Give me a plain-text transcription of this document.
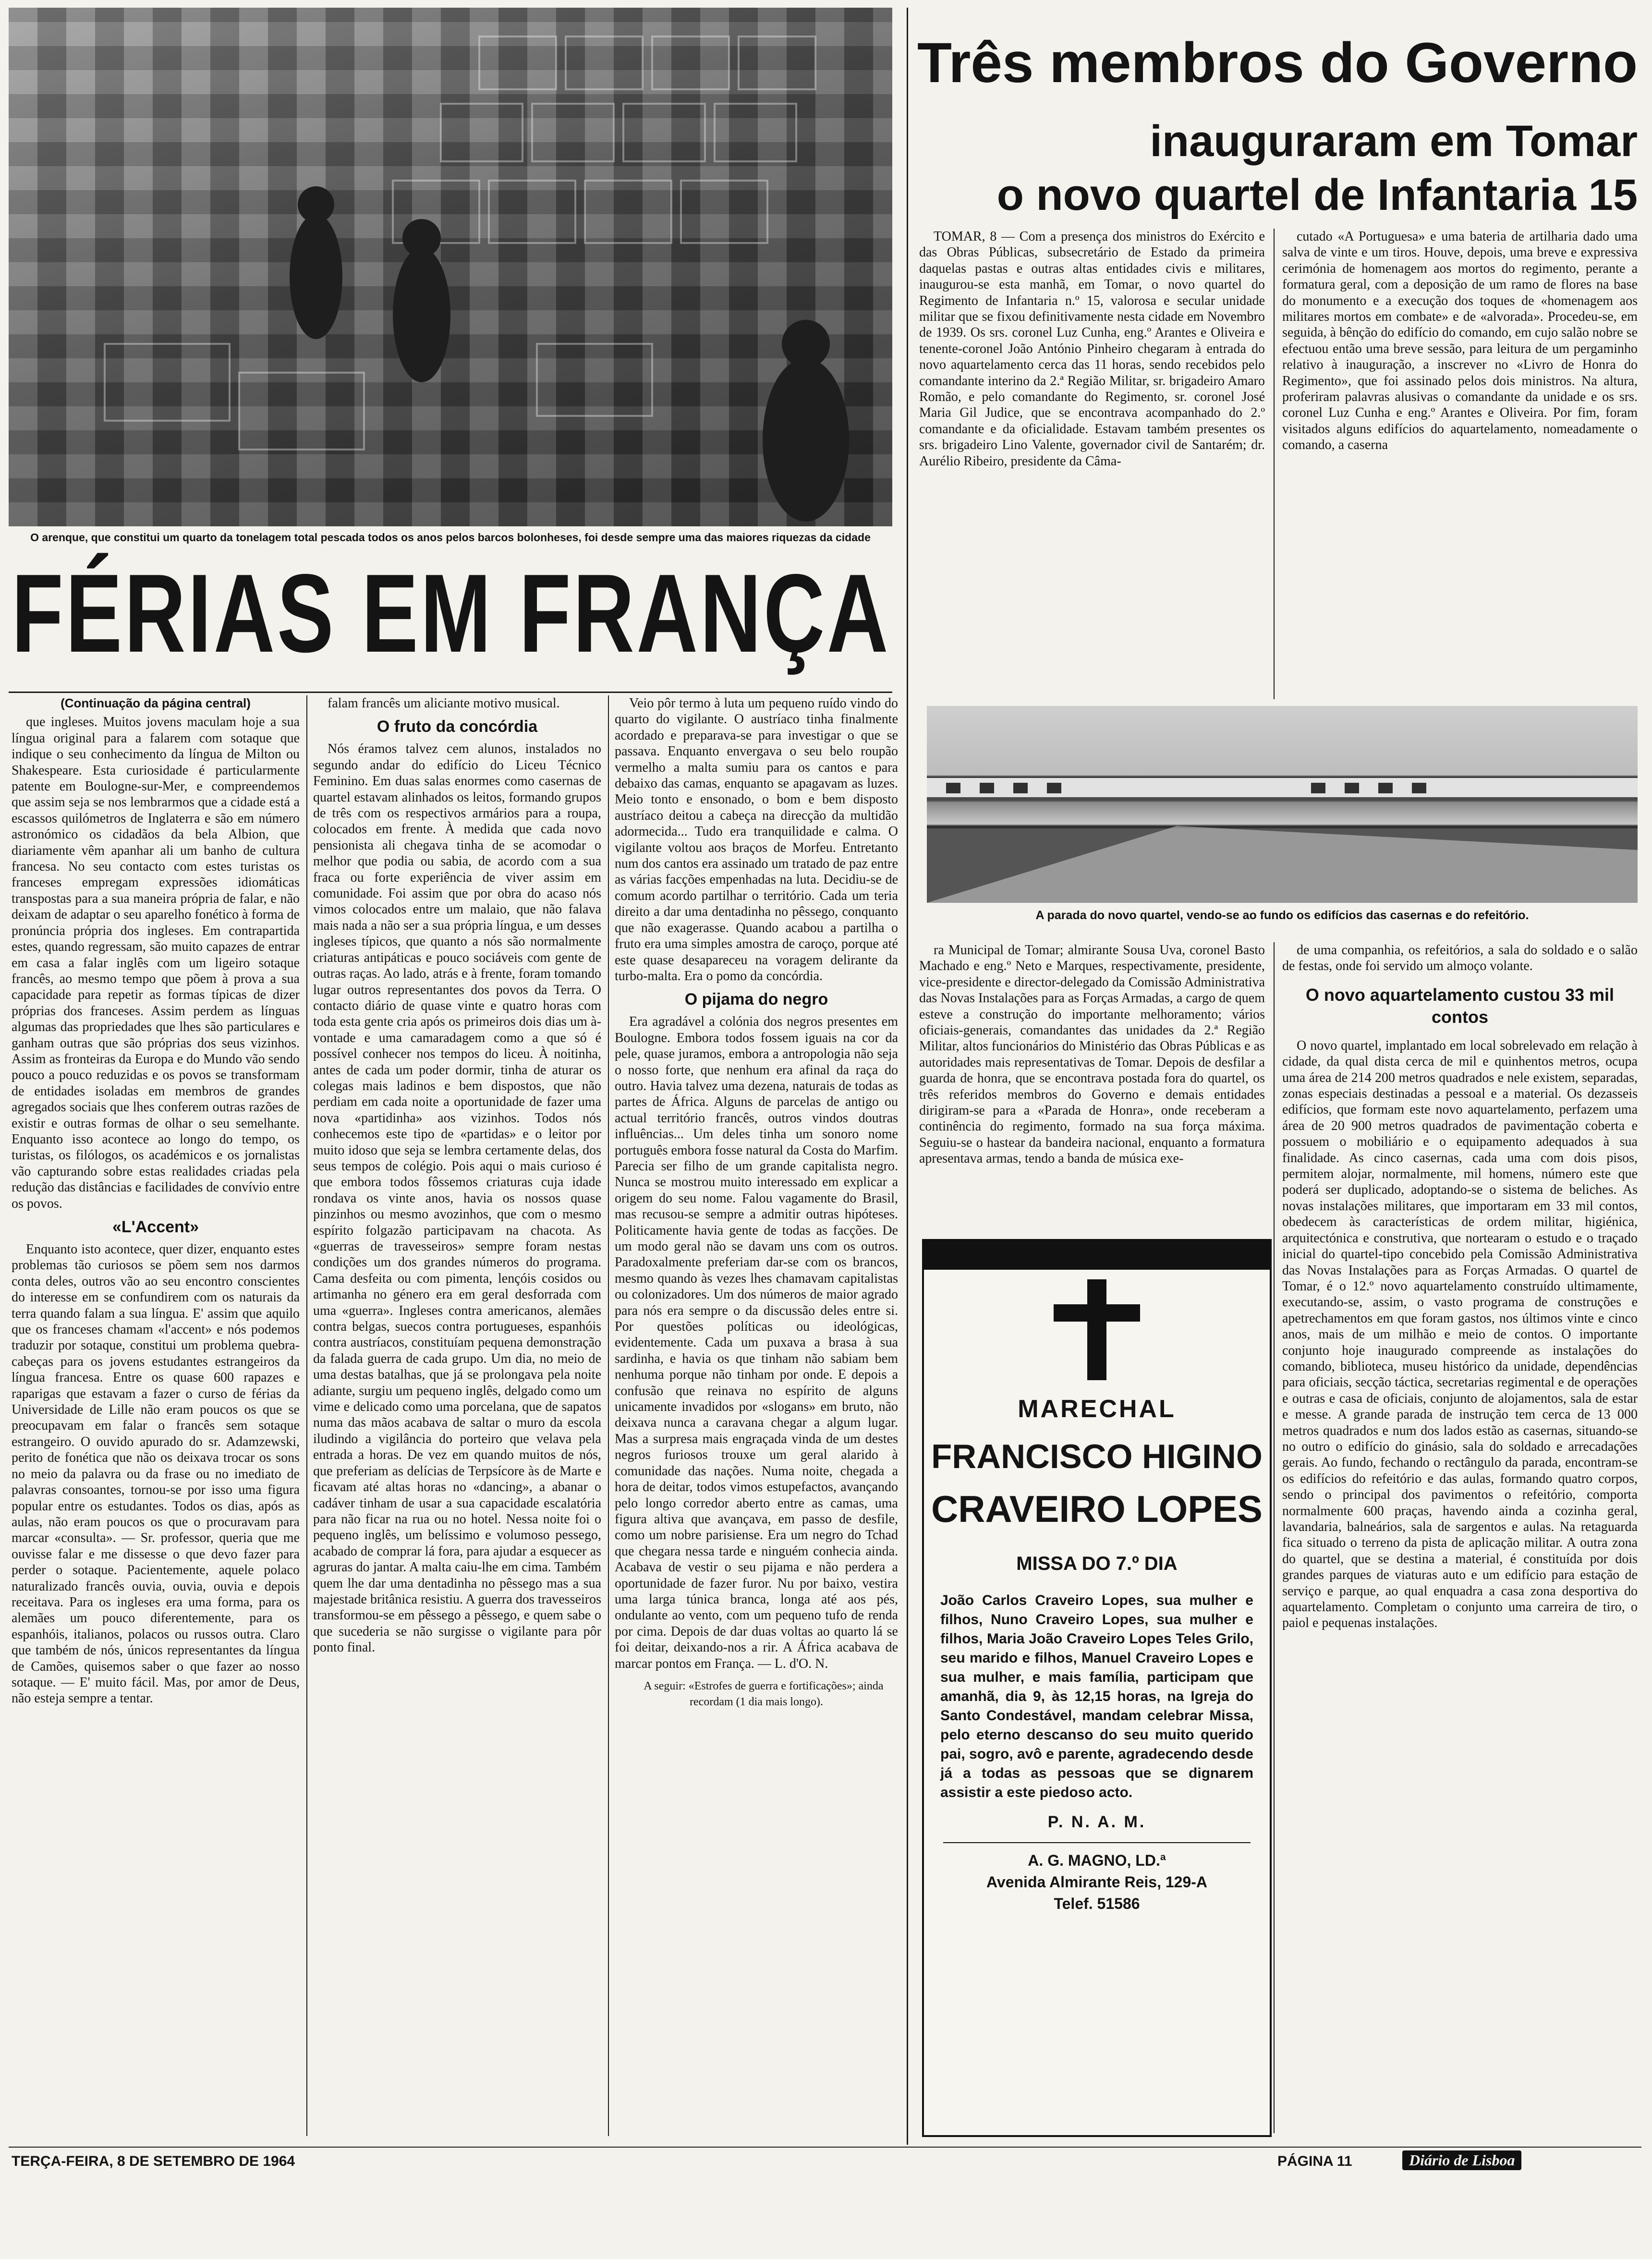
O arenque, que constitui um quarto da tonelagem total pescada todos os anos pelos barcos bolonheses, foi desde sempre uma das maiores riquezas da cidade
FÉRIAS EM FRANÇA
(Continuação da página central)

que ingleses. Muitos jovens maculam hoje a sua língua original para a falarem com sotaque que indique o seu conhecimento da língua de Milton ou Shakespeare. Esta curiosidade é particularmente patente em Boulogne-sur-Mer, e compreendemos que assim seja se nos lembrarmos que a cidade está a escassos quilómetros de Inglaterra e são em número astronómico os cidadãos da bela Albion, que diariamente vêm apanhar ali um banho de cultura francesa. No seu contacto com estes turistas os franceses empregam expressões idiomáticas transpostas para a sua maneira própria de falar, e não deixam de adaptar o seu aparelho fonético à forma de pronúncia própria dos ingleses. Em contrapartida estes, quando regressam, são muito capazes de entrar em casa a falar inglês com um ligeiro sotaque francês, ao mesmo tempo que põem à prova a sua capacidade para repetir as formas típicas de dizer próprias dos franceses. Assim perdem as línguas algumas das propriedades que lhes são particulares e ganham outras que são próprias dos seus vizinhos. Assim as fronteiras da Europa e do Mundo vão sendo pouco a pouco reduzidas e os povos se transformam de entidades isoladas em membros de grandes agregados sociais que lhes conferem outras razões de existir e outras formas de olhar o seu semelhante. Enquanto isso acontece ao longo do tempo, os turistas, os filólogos, os académicos e os jornalistas vão capturando sobre estas realidades criadas pela redução das distâncias e facilidades de convívio entre os povos.

«L'Accent»

Enquanto isto acontece, quer dizer, enquanto estes problemas tão curiosos se põem sem nos darmos conta deles, outros vão ao seu encontro conscientes do interesse em se confundirem com os naturais da terra quando falam a sua língua. E' assim que aquilo que os franceses chamam «l'accent» e nós podemos traduzir por sotaque, constitui um problema quebra-cabeças para os jovens estudantes estrangeiros da língua francesa. Entre os quase 600 rapazes e raparigas que estavam a fazer o curso de férias da Universidade de Lille não eram poucos os que se preocupavam em falar o francês sem sotaque estrangeiro. O ouvido apurado do sr. Adamzewski, perito de fonética que não os deixava trocar os sons no meio da palavra ou da frase ou no imediato de palavras consoantes, tornou-se por isso uma figura popular entre os estudantes. Todos os dias, após as aulas, não eram poucos os que o procuravam para marcar «consulta». — Sr. professor, queria que me ouvisse falar e me dissesse o que devo fazer para perder o sotaque. Pacientemente, aquele polaco naturalizado francês ouvia, ouvia, ouvia e depois receitava. Para os ingleses era uma forma, para os alemães um pouco diferentemente, para os espanhóis, italianos, polacos ou russos outra. Claro que também de nós, únicos representantes da língua de Camões, quisemos saber o que fazer ao nosso sotaque. — E' muito fácil. Mas, por amor de Deus, não esteja sempre a tentar.

falam francês um aliciante motivo musical.

O fruto da concórdia

Nós éramos talvez cem alunos, instalados no segundo andar do edifício do Liceu Técnico Feminino. Em duas salas enormes como casernas de quartel estavam alinhados os leitos, formando grupos de três com os respectivos armários para a roupa, colocados em frente. À medida que cada novo pensionista ali chegava tinha de se acomodar o melhor que podia ou sabia, de acordo com a sua fraca ou forte experiência de viver assim em comunidade. Foi assim que por obra do acaso nós vimos colocados entre um malaio, que não falava mais nada a não ser a sua própria língua, e um desses ingleses típicos, que quanto a nós são normalmente criaturas antipáticas e pouco sociáveis com gente de outras raças. Ao lado, atrás e à frente, foram tomando lugar outros representantes dos povos da Terra. O contacto diário de quase vinte e quatro horas com toda esta gente cria após os primeiros dois dias um à-vontade e uma camaradagem como a que só é possível conhecer nos tempos do liceu. À noitinha, antes de cada um poder dormir, tinha de aturar os colegas mais ladinos e bem dispostos, que não perdiam em cada noite a oportunidade de fazer uma nova «partidinha» aos vizinhos. Todos nós conhecemos este tipo de «partidas» e o leitor por muito idoso que seja se lembra certamente delas, dos seus tempos de colégio. Pois aqui o mais curioso é que embora todos fôssemos criaturas cuja idade rondava os vinte anos, havia os nossos quase pinzinhos ou mesmo avozinhos, que com o mesmo espírito folgazão participavam na chacota. As «guerras de travesseiros» sempre foram nestas condições um dos grandes números do programa. Cama desfeita ou com pimenta, lençóis cosidos ou artimanha no género era em geral desforrada com uma «guerra». Ingleses contra americanos, alemães contra belgas, suecos contra portugueses, espanhóis contra austríacos, constituíam pequena demonstração da falada guerra de cada grupo. Um dia, no meio de uma destas batalhas, que já se prolongava pela noite adiante, surgiu um pequeno inglês, delgado como um vime e delicado como uma porcelana, que de sapatos numa das mãos acabava de saltar o muro da escola iludindo a vigilância do porteiro que velava pela entrada a horas. De vez em quando muitos de nós, que preferiam as delícias de Terpsícore às de Marte e ficavam até altas horas no «dancing», a abanar o cadáver tinham de usar a sua capacidade escalatória para não ficar na rua ou no hotel. Nessa noite foi o pequeno inglês, um belíssimo e volumoso pessego, acabado de comprar lá fora, para ajudar a esquecer as agruras do jantar. A malta caiu-lhe em cima. Também quem lhe dar uma dentadinha no pêssego mas a sua majestade britânica resistiu. A guerra dos travesseiros transformou-se em pêssego a pêssego, e quem sabe o que sucederia se não surgisse o vigilante para pôr ponto final.

Veio pôr termo à luta um pequeno ruído vindo do quarto do vigilante. O austríaco tinha finalmente acordado e preparava-se para investigar o que se passava. Enquanto envergava o seu belo roupão vermelho a malta sumiu para os cantos e para debaixo das camas, enquanto se apagavam as luzes. Meio tonto e ensonado, o bom e bem disposto austríaco deitou a cabeça na direcção da multidão adormecida... Tudo era tranquilidade e calma. O vigilante voltou aos braços de Morfeu. Entretanto num dos cantos era assinado um tratado de paz entre as várias facções empenhadas na luta. Decidiu-se de comum acordo partilhar o território. Cada um teria direito a dar uma dentadinha no pêssego, conquanto que não exagerasse. Quando acabou a partilha o fruto era uma simples amostra de caroço, porque até este quase desapareceu na voragem delirante da turbo-malta. Era o pomo da concórdia.

O pijama do negro

Era agradável a colónia dos negros presentes em Boulogne. Embora todos fossem iguais na cor da pele, quase juramos, embora a antropologia não seja o nosso forte, que nenhum era afinal da raça do outro. Havia talvez uma dezena, naturais de todas as partes de África. Alguns de parcelas de antigo ou actual território francês, outros vindos doutras influências... Um deles tinha um sonoro nome português embora fosse natural da Costa do Marfim. Parecia ser filho de um grande capitalista negro. Nunca se mostrou muito interessado em explicar a origem do seu nome. Falou vagamente do Brasil, mas recusou-se sempre a admitir outras hipóteses. Politicamente havia gente de todas as facções. De um modo geral não se davam uns com os outros. Paradoxalmente preferiam dar-se com os brancos, mesmo quando às vezes lhes chamavam capitalistas ou colonizadores. Um dos números de maior agrado para nós era sempre o da discussão deles entre si. Por questões políticas ou ideológicas, evidentemente. Cada um puxava a brasa à sua sardinha, e havia os que tinham não sabiam bem nenhuma porque não tinham por onde. E depois a confusão que reinava no espírito de alguns unicamente invadidos por «slogans» em bruto, não deixava nunca a caravana chegar a algum lugar. Mas a surpresa mais engraçada vinda de um destes negros furiosos trouxe um geral alarido à comunidade das nações. Numa noite, chegada a hora de deitar, todos vimos estupefactos, avançando pelo longo corredor aberto entre as camas, uma figura altiva que avançava, em passo de desfile, como um nobre parisiense. Era um negro do Tchad que chegara nessa tarde e ninguém conhecia ainda. Acabava de vestir o seu pijama e não perdera a oportunidade de fazer furor. Nu por baixo, vestira uma larga túnica branca, longa até aos pés, ondulante ao vento, com um pequeno tufo de renda por cima. Depois de dar duas voltas ao quarto lá se foi deitar, deixando-nos a rir. A África acabava de marcar pontos em França. — L. d'O. N.

A seguir: «Estrofes de guerra e fortificações»; ainda recordam (1 dia mais longo).

Três membros do Governo
inauguraram em Tomar
o novo quartel de Infantaria 15

TOMAR, 8 — Com a presença dos ministros do Exército e das Obras Públicas, subsecretário de Estado da primeira daquelas pastas e outras altas entidades civis e militares, inaugurou-se esta manhã, em Tomar, o novo quartel do Regimento de Infantaria n.º 15, valorosa e secular unidade militar que se fixou definitivamente nesta cidade em Novembro de 1939. Os srs. coronel Luz Cunha, eng.º Arantes e Oliveira e tenente-coronel João António Pinheiro chegaram à entrada do novo aquartelamento cerca das 11 horas, sendo recebidos pelo comandante interino da 2.ª Região Militar, sr. brigadeiro Amaro Romão, e pelo comandante do Regimento, sr. coronel José Maria Gil Judice, que se encontrava acompanhado do 2.º comandante e da oficialidade. Estavam também presentes os srs. brigadeiro Lino Valente, governador civil de Santarém; dr. Aurélio Ribeiro, presidente da Câma-

cutado «A Portuguesa» e uma bateria de artilharia dado uma salva de vinte e um tiros. Houve, depois, uma breve e expressiva cerimónia de homenagem aos mortos do regimento, perante a formatura geral, com a deposição de um ramo de flores na base do monumento e a execução dos toques de «homenagem aos militares mortos em combate» e de «alvorada». Procedeu-se, em seguida, à bênção do edifício do comando, em cujo salão nobre se efectuou então uma breve sessão, para leitura de um pergaminho relativo à inauguração, a inscrever no «Livro de Honra do Regimento», que foi assinado pelos dois ministros. Na altura, proferiram palavras alusivas o comandante da unidade e os srs. coronel Luz Cunha e eng.º Arantes e Oliveira. Por fim, foram visitados alguns edifícios do aquartelamento, nomeadamente o comando, a caserna

A parada do novo quartel, vendo-se ao fundo os edifícios das casernas e do refeitório.

ra Municipal de Tomar; almirante Sousa Uva, coronel Basto Machado e eng.º Neto e Marques, respectivamente, presidente, vice-presidente e director-delegado da Comissão Administrativa das Novas Instalações para as Forças Armadas, a cargo de quem esteve a construção do importante melhoramento; vários oficiais-generais, comandantes das unidades da 2.ª Região Militar, altos funcionários do Ministério das Obras Públicas e as autoridades mais representativas de Tomar. Depois de desfilar a guarda de honra, que se encontrava postada fora do quartel, os três referidos membros do Governo e demais entidades dirigiram-se para a «Parada de Honra», onde receberam a continência do regimento, formado na sua força máxima. Seguiu-se o hastear da bandeira nacional, enquanto a formatura apresentava armas, tendo a banda de música exe-

de uma companhia, os refeitórios, a sala do soldado e o salão de festas, onde foi servido um almoço volante.

O novo aquartelamento custou 33 mil contos

O novo quartel, implantado em local sobrelevado em relação à cidade, da qual dista cerca de mil e quinhentos metros, ocupa uma área de 214 200 metros quadrados e nele existem, separadas, zonas especiais destinadas a pessoal e a material. Os dezasseis edifícios, que formam este novo aquartelamento, perfazem uma área de 20 900 metros quadrados de pavimentação coberta e possuem o mobiliário e o equipamento adequados à sua finalidade. As cinco casernas, cada uma com dois pisos, permitem alojar, normalmente, mil homens, número este que poderá ser duplicado, adoptando-se o sistema de beliches. As novas instalações militares, que importaram em 33 mil contos, obedecem às características de ordem militar, higiénica, arquitectónica e construtiva, que nortearam o estudo e o traçado inicial do quartel-tipo concebido pela Comissão Administrativa das Novas Instalações para as Forças Armadas. O quartel de Tomar, é o 12.º novo aquartelamento construído ultimamente, executando-se, assim, o vasto programa de construções e apetrechamentos em que foram gastos, nos últimos vinte e cinco anos, mais de um milhão e meio de contos. O importante conjunto hoje inaugurado compreende as instalações do comando, biblioteca, museu histórico da unidade, dependências para oficiais, secção táctica, secretarias regimental e de operações e outras e casa de oficiais, conjunto de alojamentos, sala de estar e messe. A grande parada de instrução tem cerca de 13 000 metros quadrados e num dos lados estão as casernas, situando-se no outro o edifício do ginásio, sala do soldado e arrecadações gerais. Ao fundo, fechando o rectângulo da parada, encontram-se os edifícios do refeitório e das aulas, formando quatro corpos, sendo o principal dos pavimentos o refeitório, comporta normalmente 600 praças, havendo ainda a cozinha geral, lavandaria, balneários, sala de sargentos e aulas. Na retaguarda fica situado o terreno da pista de aplicação militar. A outra zona do quartel, que se destina a material, é constituída por dois grandes parques de viaturas auto e um edifício para estação de serviço e parque, ao qual enquadra a casa zona desportiva do aquartelamento. Completam o conjunto uma carreira de tiro, o paiol e pequenas instalações.

MARECHAL
FRANCISCO HIGINO
CRAVEIRO LOPES
MISSA DO 7.º DIA
João Carlos Craveiro Lopes, sua mulher e filhos, Nuno Craveiro Lopes, sua mulher e filhos, Maria João Craveiro Lopes Teles Grilo, seu marido e filhos, Manuel Craveiro Lopes e sua mulher, e mais família, participam que amanhã, dia 9, às 12,15 horas, na Igreja do Santo Condestável, mandam celebrar Missa, pelo eterno descanso do seu muito querido pai, sogro, avô e parente, agradecendo desde já a todas as pessoas que se dignarem assistir a este piedoso acto.
P. N. A. M.
A. G. MAGNO, LD.ª
Avenida Almirante Reis, 129-A
Telef. 51586
TERÇA-FEIRA, 8 DE SETEMBRO DE 1964	PÁGINA 11	Diário de Lisboa
